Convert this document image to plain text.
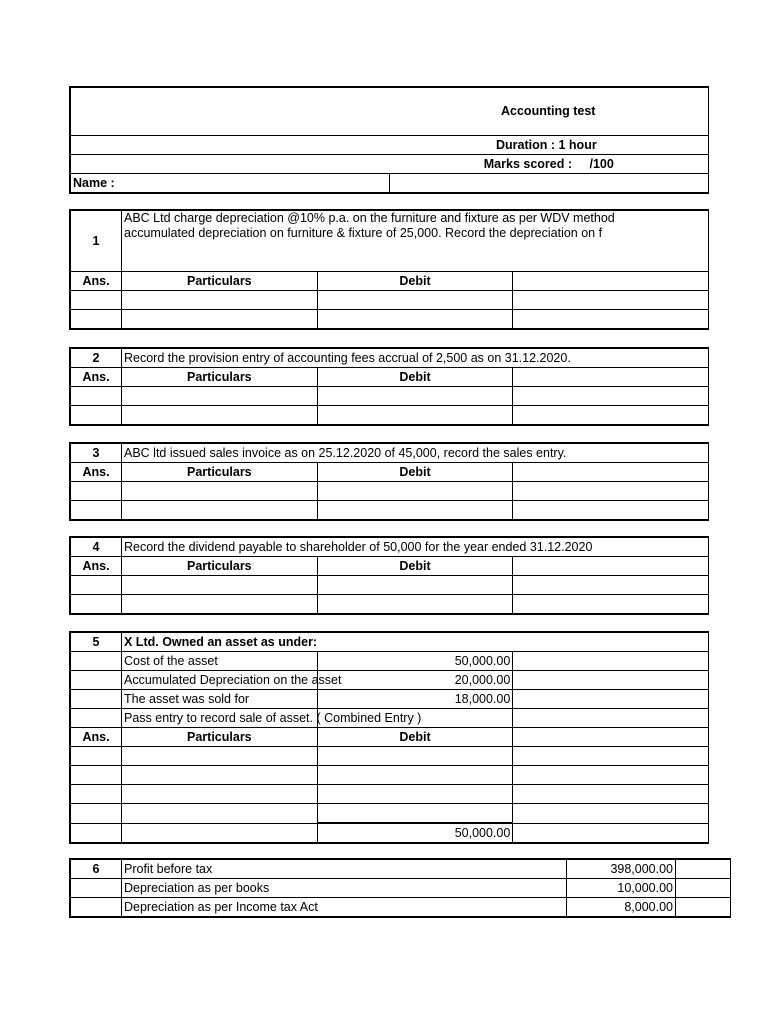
Accounting test

Duration : 1 hour

Marks scored : /100
Name :	
1	ABC Ltd charge depreciation @10% p.a. on the furniture and fixture as per WDV method
accumulated depreciation on furniture & fixture of 25,000. Record the depreciation on f		

Ans.	Particulars	Debit	

2	Record the provision entry of accounting fees accrual of 2,500 as on 31.12.2020.		
Ans.	Particulars	Debit	

3	ABC ltd issued sales invoice as on 25.12.2020 of 45,000, record the sales entry.		
Ans.	Particulars	Debit	

4	Record the dividend payable to shareholder of 50,000 for the year ended 31.12.2020		
Ans.	Particulars	Debit	

5	X Ltd. Owned an asset as under:		
	Cost of the asset	50,000.00	
	Accumulated Depreciation on the asset	20,000.00	
	The asset was sold for	18,000.00	
	Pass entry to record sale of asset. ( Combined Entry )		
Ans.	Particulars	Debit	

		50,000.00	
6	Profit before tax	398,000.00	
	Depreciation as per books	10,000.00	
	Depreciation as per Income tax Act	8,000.00	
